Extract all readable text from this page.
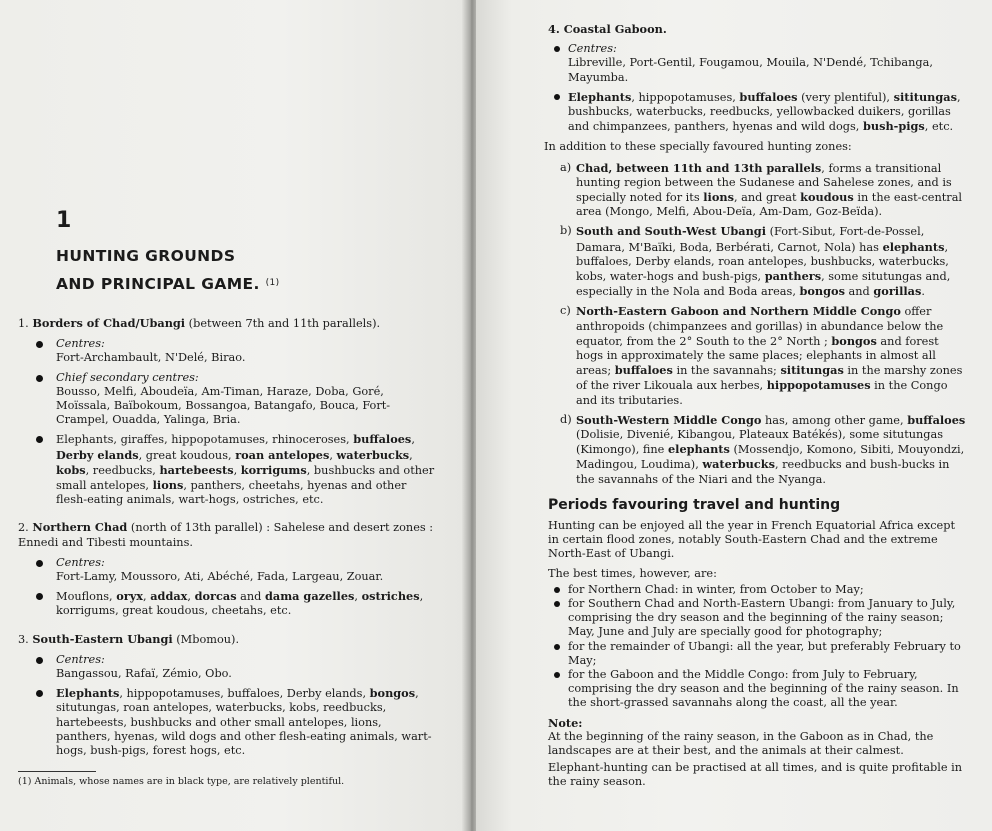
1
HUNTING GROUNDS
AND PRINCIPAL GAME. $^{(1)}$

1. Borders of Chad/Ubangi (between 7th and 11th parallels).

Centres:

Fort-Archambault, N'Delé, Birao.

Chief secondary centres:

Bousso, Melfi, Aboudeïa, Am-Timan, Haraze, Doba, Goré, Moïssala, Baïbokoum, Bossangoa, Batangafo, Bouca, Fort-Crampel, Ouadda, Yalinga, Bria.

Elephants, giraffes, hippopotamuses, rhinoceroses, buffaloes, Derby elands, great koudous, roan antelopes, waterbucks, kobs, reedbucks, hartebeests, korrigums, bushbucks and other small antelopes, lions, panthers, cheetahs, hyenas and other flesh-eating animals, wart-hogs, ostriches, etc.

2. Northern Chad (north of 13th parallel) : Sahelese and desert zones : Ennedi and Tibesti mountains.

Centres:

Fort-Lamy, Moussoro, Ati, Abéché, Fada, Largeau, Zouar.

Mouflons, oryx, addax, dorcas and dama gazelles, ostriches, korrigums, great koudous, cheetahs, etc.

3. South-Eastern Ubangi (Mbomou).

Centres:

Bangassou, Rafaï, Zémio, Obo.

Elephants, hippopotamuses, buffaloes, Derby elands, bongos, situtungas, roan antelopes, waterbucks, kobs, reedbucks, hartebeests, bushbucks and other small antelopes, lions, panthers, hyenas, wild dogs and other flesh-eating animals, wart-hogs, bush-pigs, forest hogs, etc.

(1) Animals, whose names are in black type, are relatively plentiful.

4. Coastal Gaboon.

Centres:

Libreville, Port-Gentil, Fougamou, Mouila, N'Dendé, Tchibanga, Mayumba.

Elephants, hippopotamuses, buffaloes (very plentiful), sititungas, bushbucks, waterbucks, reedbucks, yellowbacked duikers, gorillas and chimpanzees, panthers, hyenas and wild dogs, bush-pigs, etc.

In addition to these specially favoured hunting zones:

a) Chad, between 11th and 13th parallels, forms a transitional hunting region between the Sudanese and Sahelese zones, and is specially noted for its lions, and great koudous in the east-central area (Mongo, Melfi, Abou-Deïa, Am-Dam, Goz-Beïda).

b) South and South-West Ubangi (Fort-Sibut, Fort-de-Possel, Damara, M'Baïki, Boda, Berbérati, Carnot, Nola) has elephants, buffaloes, Derby elands, roan antelopes, bushbucks, waterbucks, kobs, water-hogs and bush-pigs, panthers, some situtungas and, especially in the Nola and Boda areas, bongos and gorillas.

c) North-Eastern Gaboon and Northern Middle Congo offer anthropoids (chimpanzees and gorillas) in abundance below the equator, from the 2° South to the 2° North ; bongos and forest hogs in approximately the same places; elephants in almost all areas; buffaloes in the savannahs; sititungas in the marshy zones of the river Likouala aux herbes, hippopotamuses in the Congo and its tributaries.

d) South-Western Middle Congo has, among other game, buffaloes (Dolisie, Divenié, Kibangou, Plateaux Batékés), some situtungas (Kimongo), fine elephants (Mossendjo, Komono, Sibiti, Mouyondzi, Madingou, Loudima), waterbucks, reedbucks and bush-bucks in the savannahs of the Niari and the Nyanga.

Periods favouring travel and hunting

Hunting can be enjoyed all the year in French Equatorial Africa except in certain flood zones, notably South-Eastern Chad and the extreme North-East of Ubangi.

The best times, however, are:

for Northern Chad: in winter, from October to May;

for Southern Chad and North-Eastern Ubangi: from January to July, comprising the dry season and the beginning of the rainy season; May, June and July are specially good for photography;

for the remainder of Ubangi: all the year, but preferably February to May;

for the Gaboon and the Middle Congo: from July to February, comprising the dry season and the beginning of the rainy season. In the short-grassed savannahs along the coast, all the year.

Note:

At the beginning of the rainy season, in the Gaboon as in Chad, the landscapes are at their best, and the animals at their calmest.

Elephant-hunting can be practised at all times, and is quite profitable in the rainy season.
